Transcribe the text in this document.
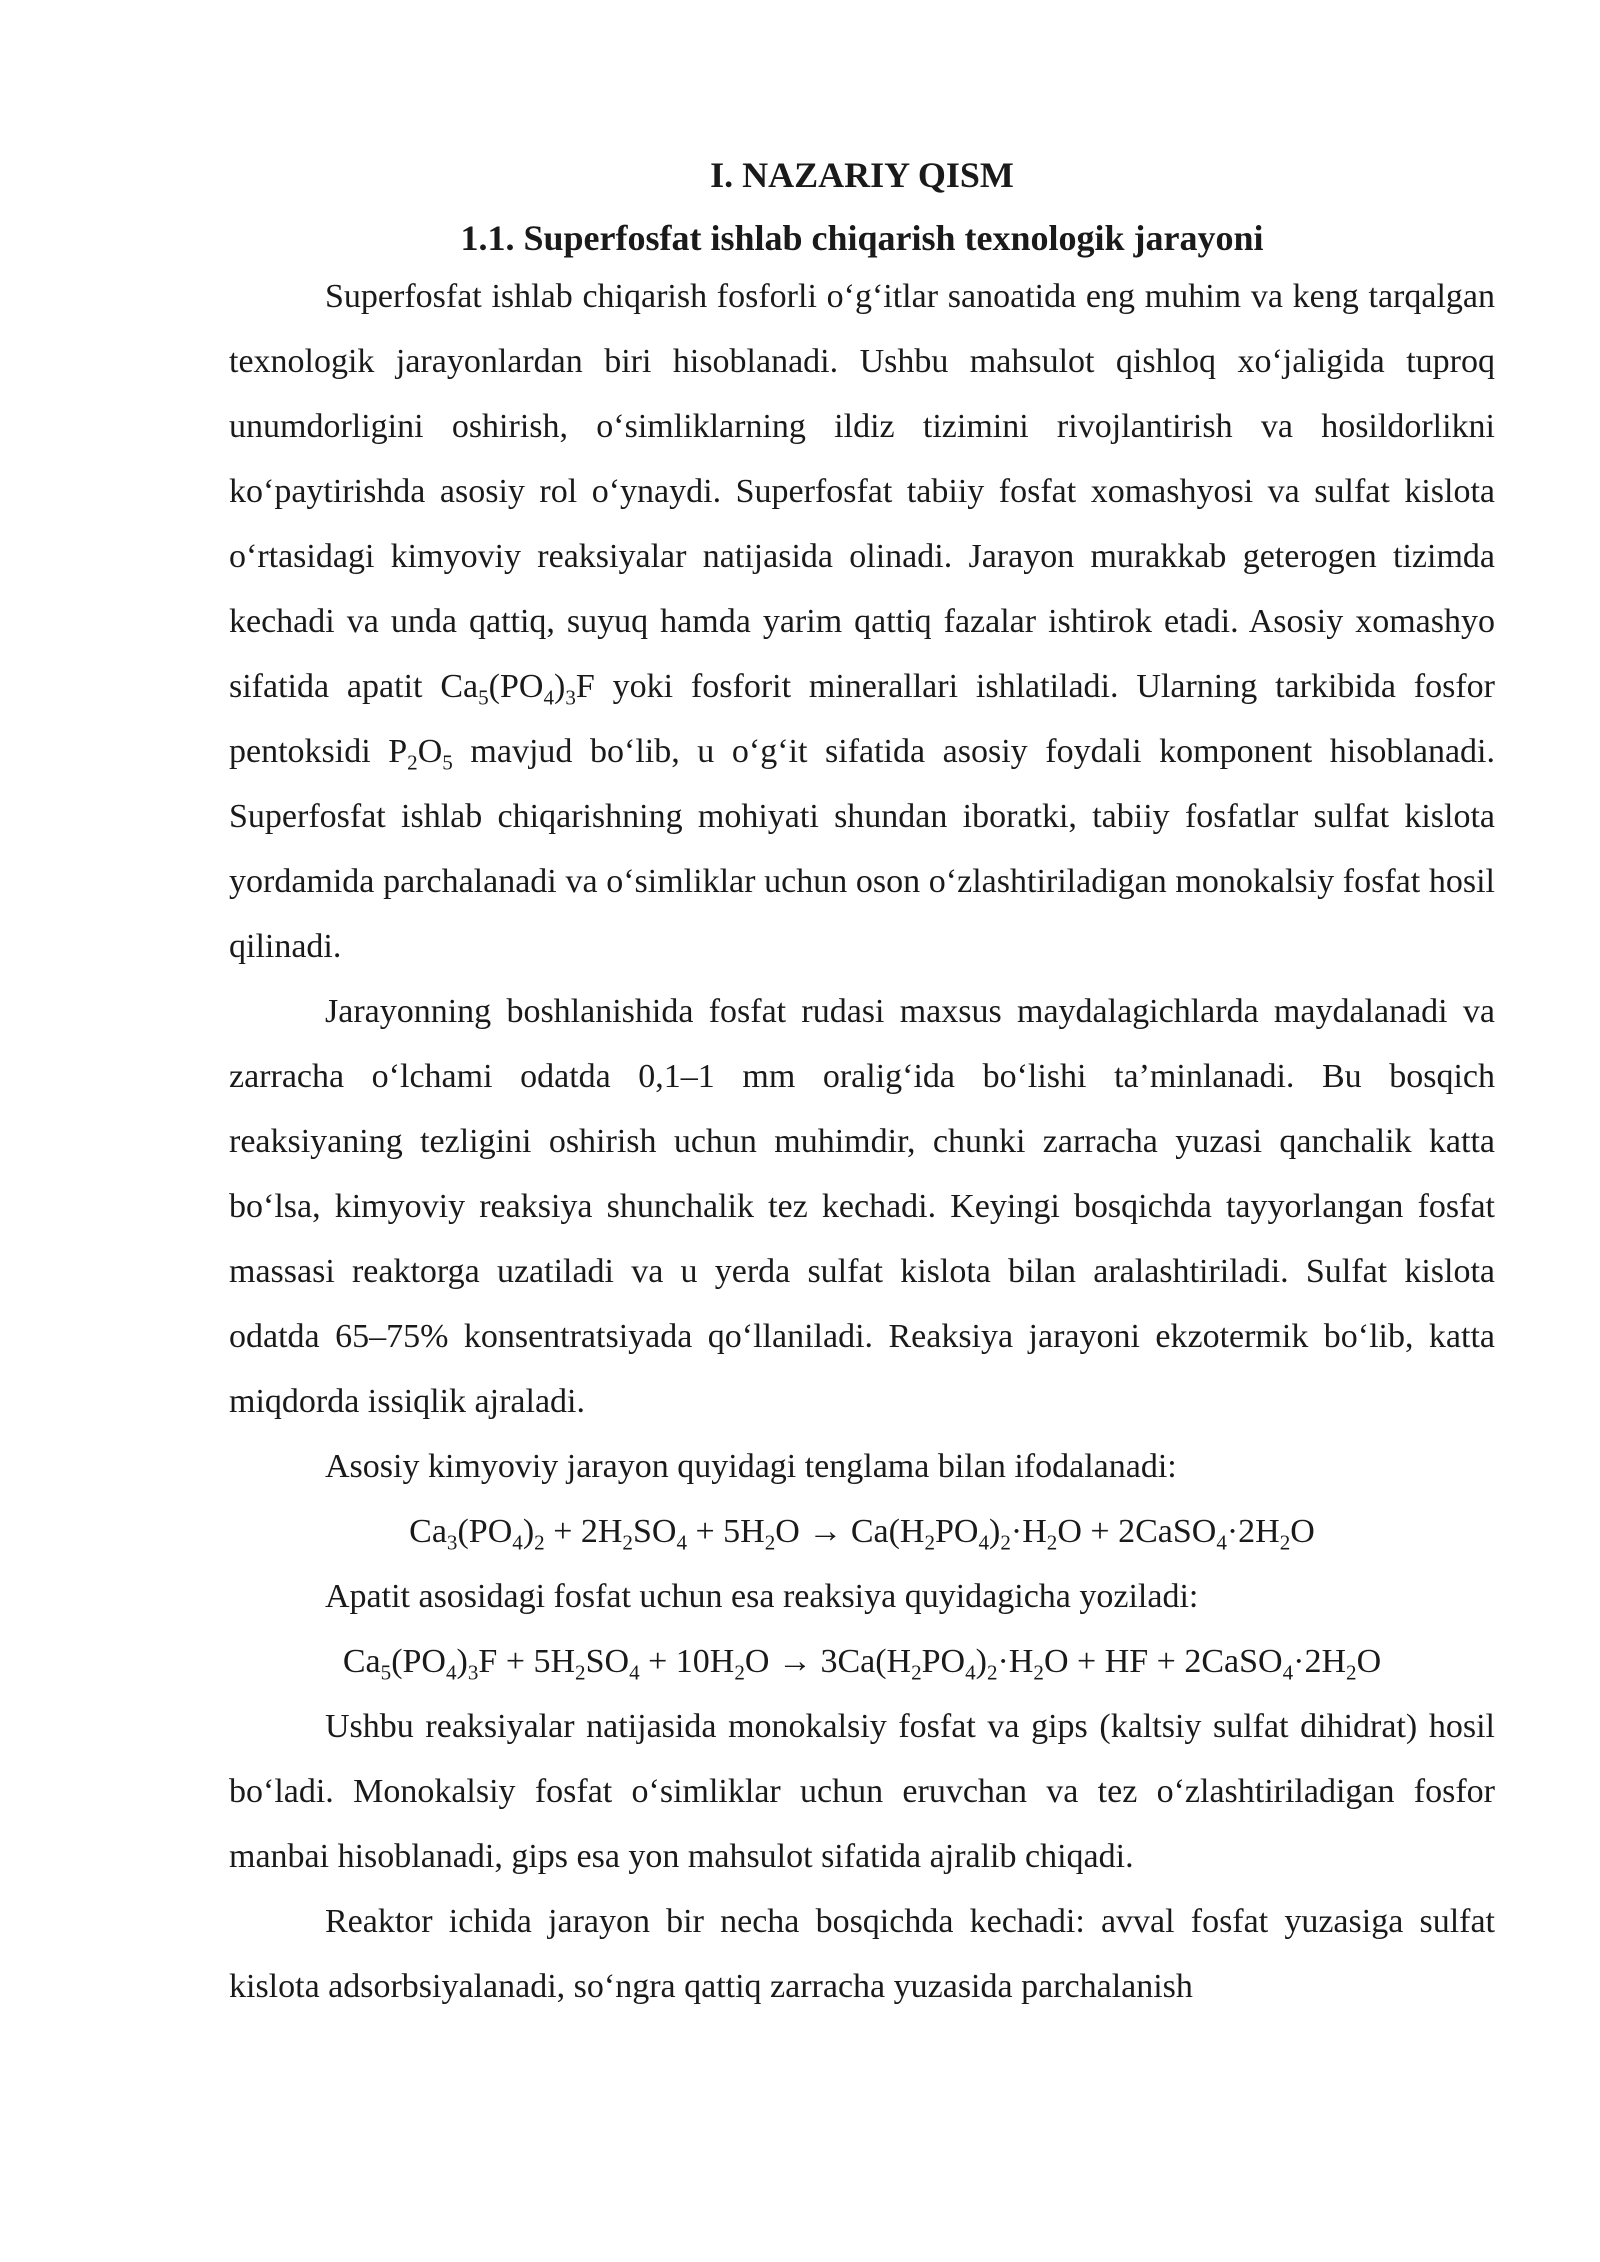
I. NAZARIY QISM
1.1. Superfosfat ishlab chiqarish texnologik jarayoni

Superfosfat ishlab chiqarish fosforli o‘g‘itlar sanoatida eng muhim va keng tarqalgan texnologik jarayonlardan biri hisoblanadi. Ushbu mahsulot qishloq xo‘jaligida tuproq unumdorligini oshirish, o‘simliklarning ildiz tizimini rivojlantirish va hosildorlikni ko‘paytirishda asosiy rol o‘ynaydi. Superfosfat tabiiy fosfat xomashyosi va sulfat kislota o‘rtasidagi kimyoviy reaksiyalar natijasida olinadi. Jarayon murakkab geterogen tizimda kechadi va unda qattiq, suyuq hamda yarim qattiq fazalar ishtirok etadi. Asosiy xomashyo sifatida apatit $Ca_5(PO_4)_3F$ yoki fosforit minerallari ishlatiladi. Ularning tarkibida fosfor pentoksidi $P_2O_5$ mavjud bo‘lib, u o‘g‘it sifatida asosiy foydali komponent hisoblanadi. Superfosfat ishlab chiqarishning mohiyati shundan iboratki, tabiiy fosfatlar sulfat kislota yordamida parchalanadi va o‘simliklar uchun oson o‘zlashtiriladigan monokalsiy fosfat hosil qilinadi.

Jarayonning boshlanishida fosfat rudasi maxsus maydalagichlarda maydalanadi va zarracha o‘lchami odatda 0,1–1 mm oralig‘ida bo‘lishi ta’minlanadi. Bu bosqich reaksiyaning tezligini oshirish uchun muhimdir, chunki zarracha yuzasi qanchalik katta bo‘lsa, kimyoviy reaksiya shunchalik tez kechadi. Keyingi bosqichda tayyorlangan fosfat massasi reaktorga uzatiladi va u yerda sulfat kislota bilan aralashtiriladi. Sulfat kislota odatda 65–75% konsentratsiyada qo‘llaniladi. Reaksiya jarayoni ekzotermik bo‘lib, katta miqdorda issiqlik ajraladi.

Asosiy kimyoviy jarayon quyidagi tenglama bilan ifodalanadi:

$Ca_3(PO_4)_2 + 2H_2SO_4 + 5H_2O \to Ca(H_2PO_4)_2\cdot H_2O$ + $2CaSO_4\cdot 2H_2O$

Apatit asosidagi fosfat uchun esa reaksiya quyidagicha yoziladi:

$Ca_5(PO_4)_3F + 5H_2SO_4 + 10H_2O \to 3Ca(H_2PO_4)_2\cdot H_2O$ + HF + $2CaSO_4\cdot 2H_2O$

Ushbu reaksiyalar natijasida monokalsiy fosfat va gips (kaltsiy sulfat dihidrat) hosil bo‘ladi. Monokalsiy fosfat o‘simliklar uchun eruvchan va tez o‘zlashtiriladigan fosfor manbai hisoblanadi, gips esa yon mahsulot sifatida ajralib chiqadi.

Reaktor ichida jarayon bir necha bosqichda kechadi: avval fosfat yuzasiga sulfat kislota adsorbsiyalanadi, so‘ngra qattiq zarracha yuzasida parchalanish
